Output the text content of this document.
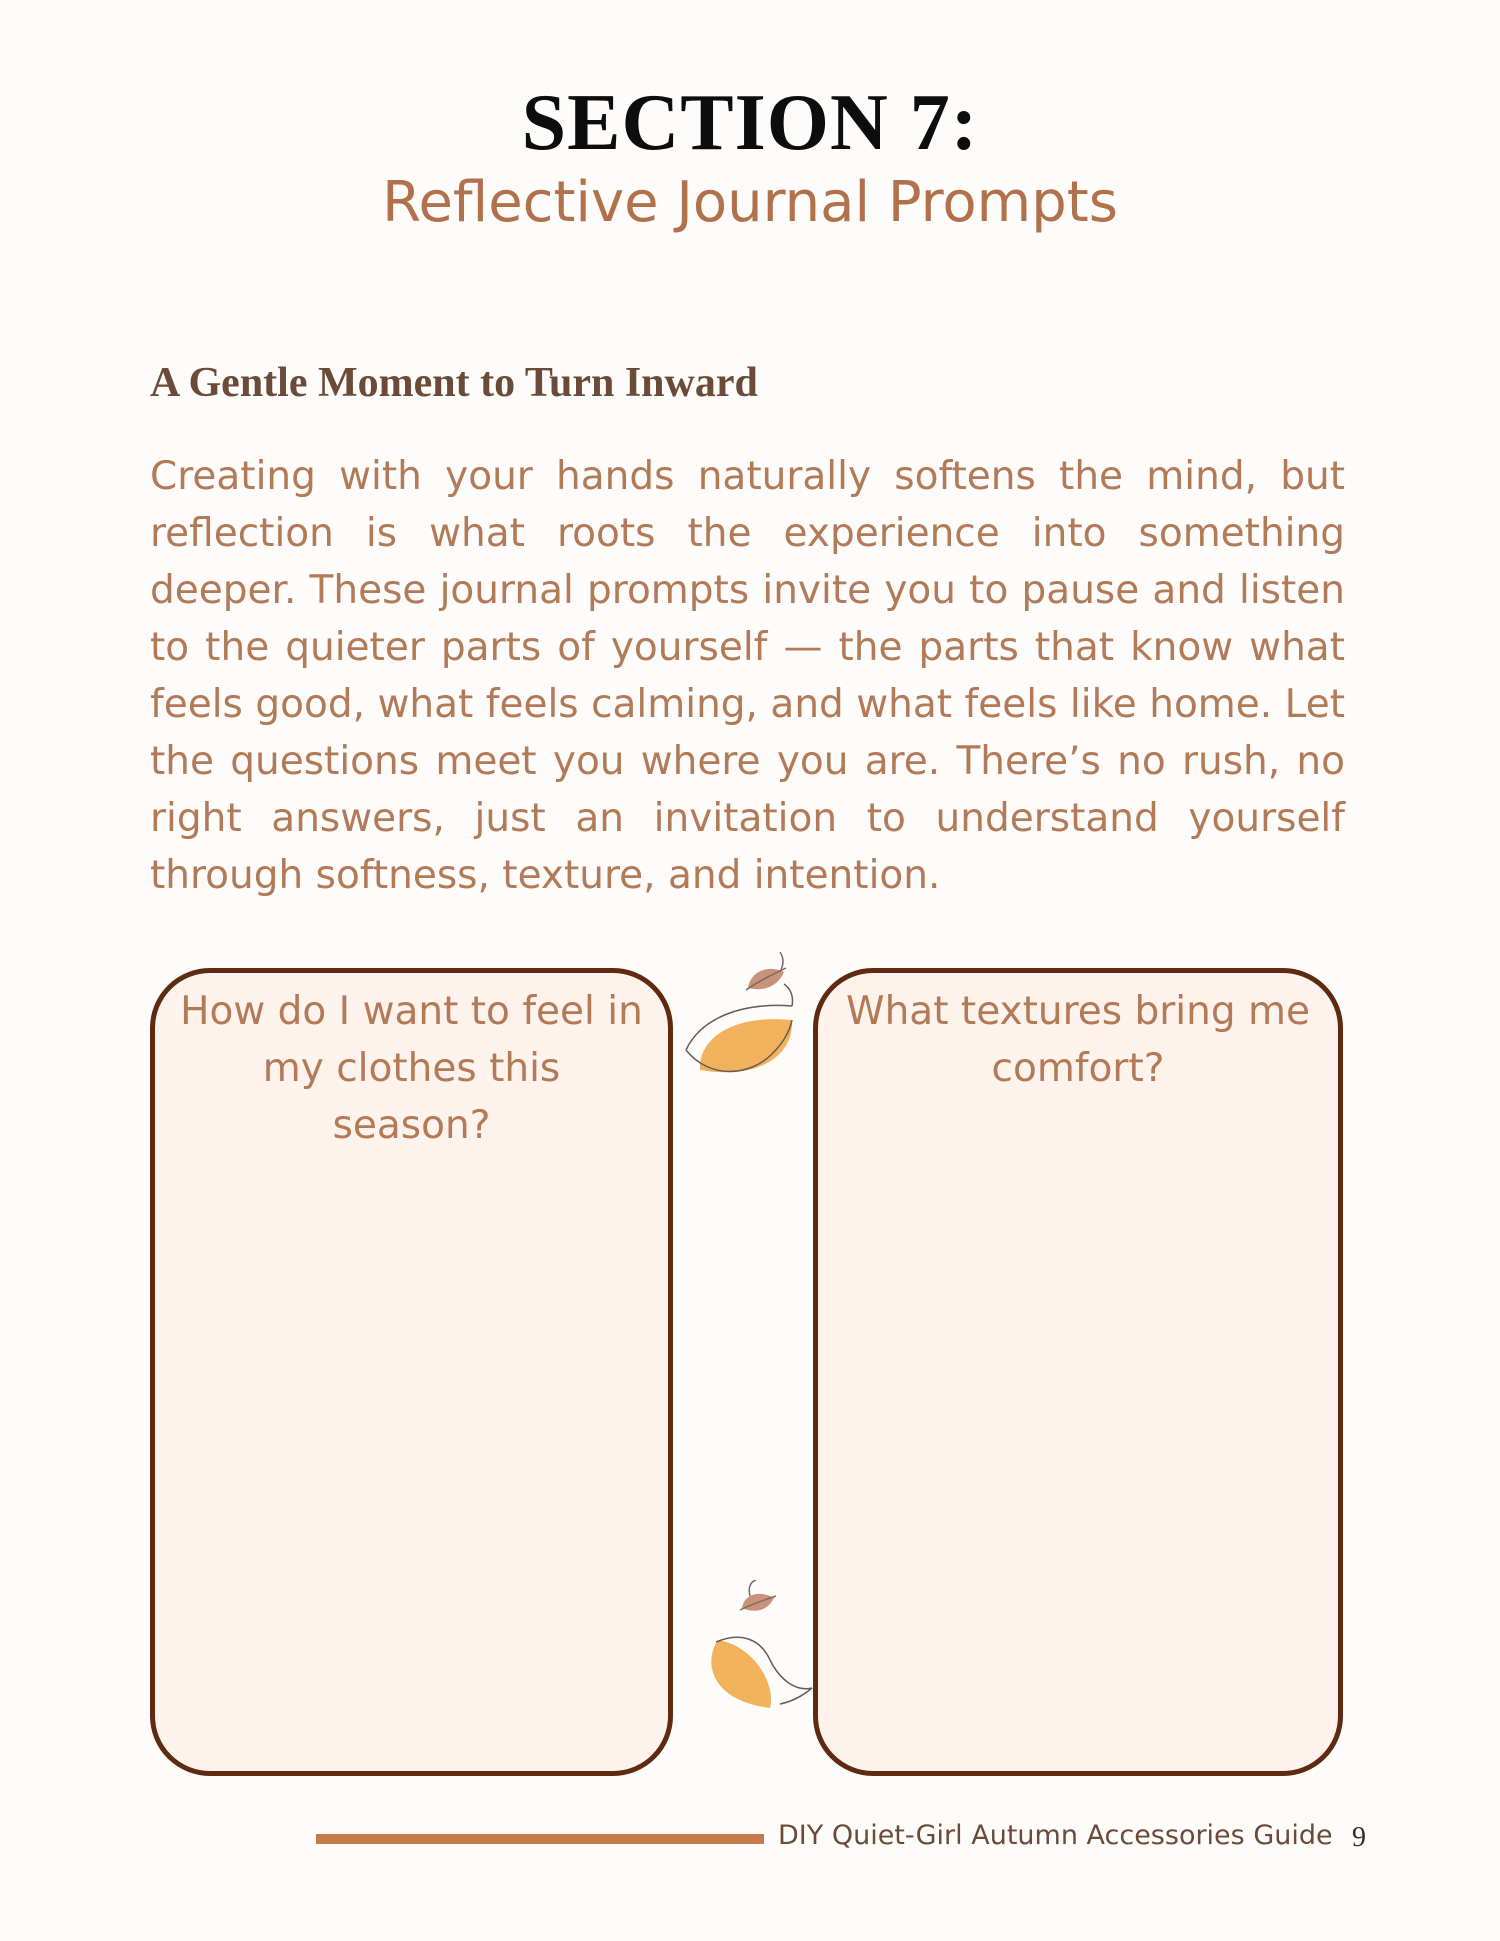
SECTION 7:
Reflective Journal Prompts
A Gentle Moment to Turn Inward

Creating with your hands naturally softens the mind, but reflection is what roots the experience into something deeper. These journal prompts invite you to pause and listen to the quieter parts of yourself — the parts that know what feels good, what feels calming, and what feels like home. Let the questions meet you where you are. There’s no rush, no right answers, just an invitation to understand yourself through softness, texture, and intention.

How do I want to feel in my clothes this season?
What textures bring me comfort?
DIY Quiet-Girl Autumn Accessories Guide 9
